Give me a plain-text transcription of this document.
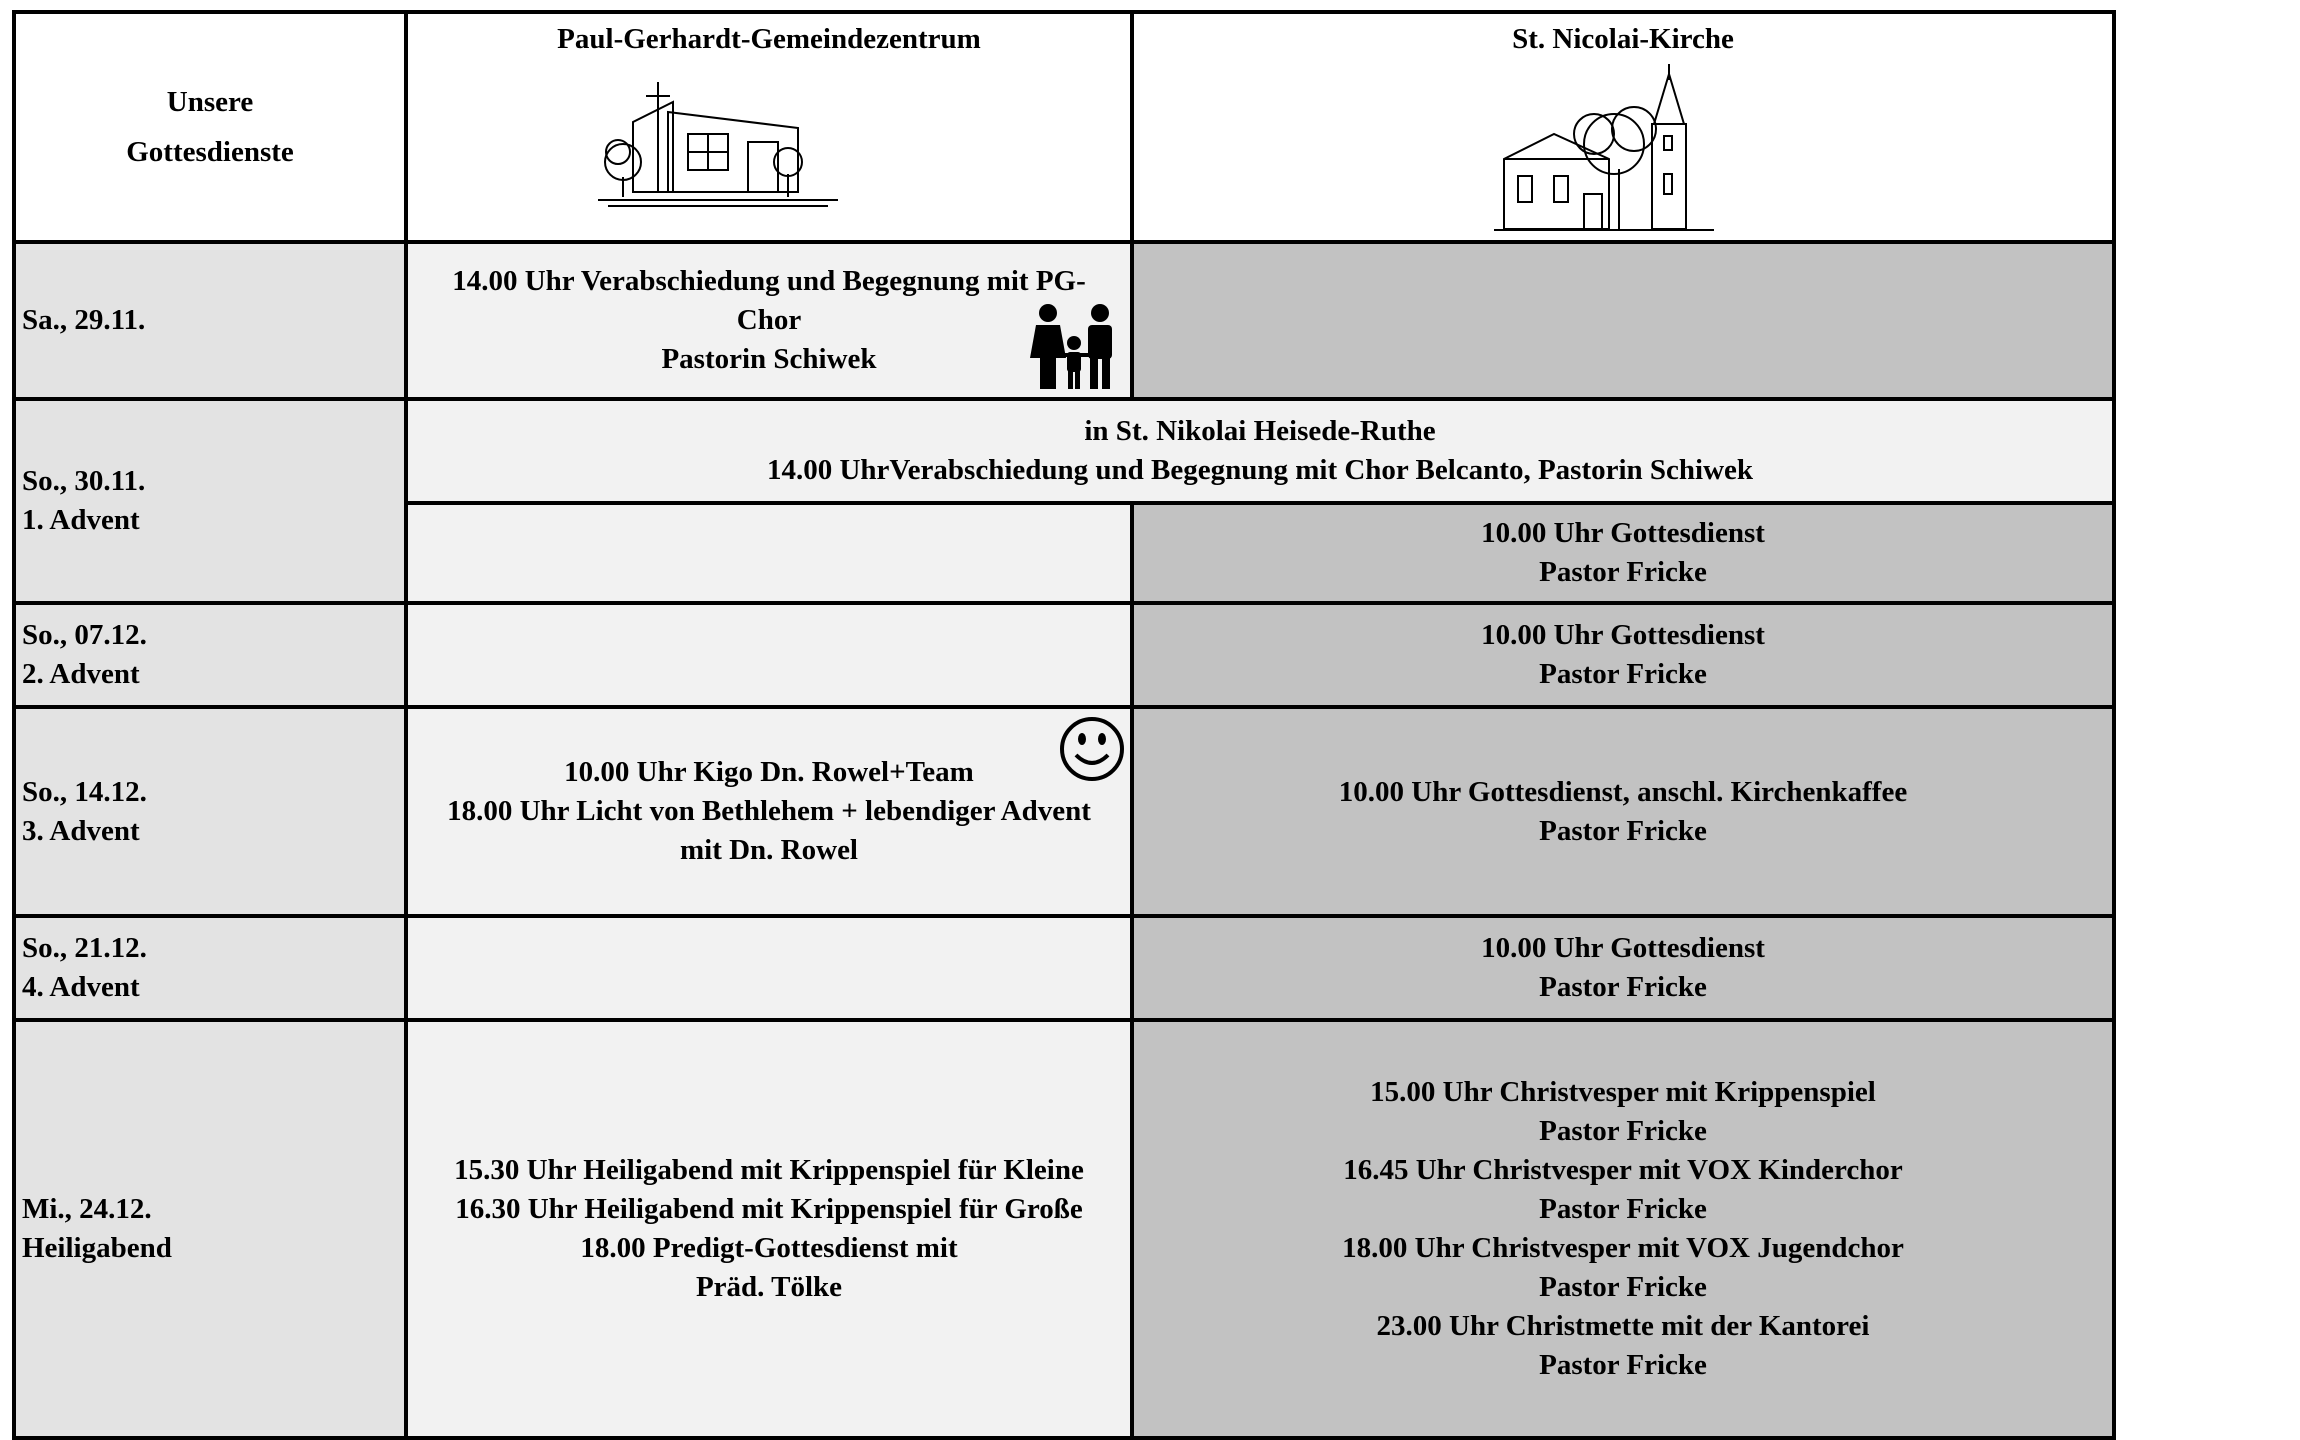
Unsere
Gottesdienste
Paul-Gerhardt-Gemeindezentrum	St. Nicolai-Kirche
Sa., 29.11.
14.00 Uhr Verabschiedung und Begegnung mit PG-
Chor
Pastorin Schiwek
So., 30.11.
1. Advent
in St. Nikolai Heisede-Ruthe
14.00 UhrVerabschiedung und Begegnung mit Chor Belcanto, Pastorin Schiwek
10.00 Uhr Gottesdienst
Pastor Fricke
So., 07.12.
2. Advent
10.00 Uhr Gottesdienst
Pastor Fricke
So., 14.12.
3. Advent
10.00 Uhr Kigo Dn. Rowel+Team
18.00 Uhr Licht von Bethlehem + lebendiger Advent
mit Dn. Rowel
10.00 Uhr Gottesdienst, anschl. Kirchenkaffee
Pastor Fricke
So., 21.12.
4. Advent
10.00 Uhr Gottesdienst
Pastor Fricke
Mi., 24.12.
Heiligabend
15.30 Uhr Heiligabend mit Krippenspiel für Kleine
16.30 Uhr Heiligabend mit Krippenspiel für Große
18.00 Predigt-Gottesdienst mit
Präd. Tölke
15.00 Uhr Christvesper mit Krippenspiel
Pastor Fricke
16.45 Uhr Christvesper mit VOX Kinderchor
Pastor Fricke
18.00 Uhr Christvesper mit VOX Jugendchor
Pastor Fricke
23.00 Uhr Christmette mit der Kantorei
Pastor Fricke
